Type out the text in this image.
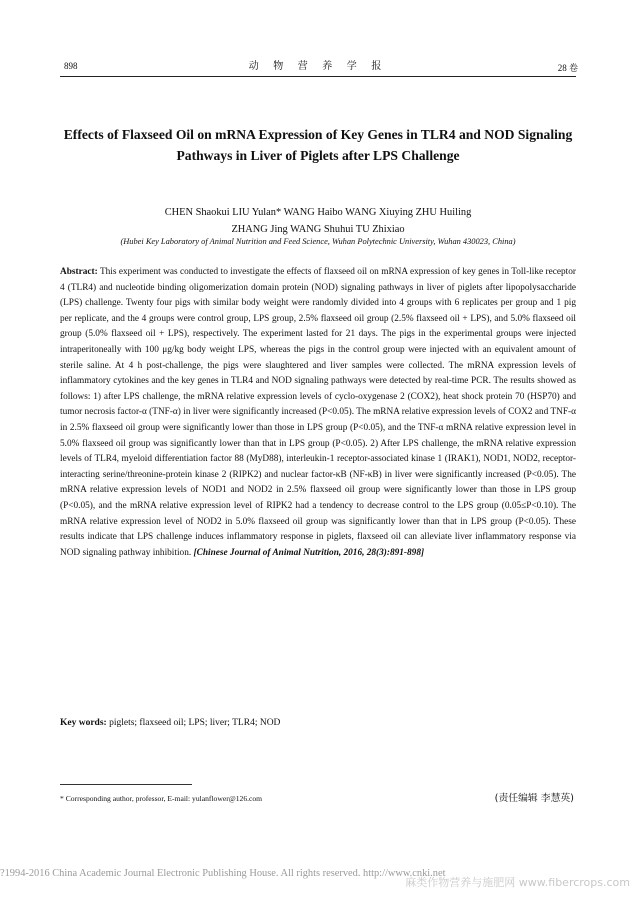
898	动 物 营 养 学 报	28 卷
Effects of Flaxseed Oil on mRNA Expression of Key Genes in TLR4 and NOD Signaling Pathways in Liver of Piglets after LPS Challenge
CHEN Shaokui LIU Yulan* WANG Haibo WANG Xiuying ZHU Huiling
ZHANG Jing WANG Shuhui TU Zhixiao
(Hubei Key Laboratory of Animal Nutrition and Feed Science, Wuhan Polytechnic University, Wuhan 430023, China)
Abstract: This experiment was conducted to investigate the effects of flaxseed oil on mRNA expression of key genes in Toll-like receptor 4 (TLR4) and nucleotide binding oligomerization domain protein (NOD) signaling pathways in liver of piglets after lipopolysaccharide (LPS) challenge. Twenty four pigs with similar body weight were randomly divided into 4 groups with 6 replicates per group and 1 pig per replicate, and the 4 groups were control group, LPS group, 2.5% flaxseed oil group (2.5% flaxseed oil + LPS), and 5.0% flaxseed oil group (5.0% flaxseed oil + LPS), respectively. The experiment lasted for 21 days. The pigs in the experimental groups were injected intraperitoneally with 100 μg/kg body weight LPS, whereas the pigs in the control group were injected with an equivalent amount of sterile saline. At 4 h post-challenge, the pigs were slaughtered and liver samples were collected. The mRNA expression levels of inflammatory cytokines and the key genes in TLR4 and NOD signaling pathways were detected by real-time PCR. The results showed as follows: 1) after LPS challenge, the mRNA relative expression levels of cyclo-oxygenase 2 (COX2), heat shock protein 70 (HSP70) and tumor necrosis factor-α (TNF-α) in liver were significantly increased (P<0.05). The mRNA relative expression levels of COX2 and TNF-α in 2.5% flaxseed oil group were significantly lower than those in LPS group (P<0.05), and the TNF-α mRNA relative expression level in 5.0% flaxseed oil group was significantly lower than that in LPS group (P<0.05). 2) After LPS challenge, the mRNA relative expression levels of TLR4, myeloid differentiation factor 88 (MyD88), interleukin-1 receptor-associated kinase 1 (IRAK1), NOD1, NOD2, receptor-interacting serine/threonine-protein kinase 2 (RIPK2) and nuclear factor-κB (NF-κB) in liver were significantly increased (P<0.05). The mRNA relative expression levels of NOD1 and NOD2 in 2.5% flaxseed oil group were significantly lower than those in LPS group (P<0.05), and the mRNA relative expression level of RIPK2 had a tendency to decrease control to the LPS group (0.05≤P<0.10). The mRNA relative expression level of NOD2 in 5.0% flaxseed oil group was significantly lower than that in LPS group (P<0.05). These results indicate that LPS challenge induces inflammatory response in piglets, flaxseed oil can alleviate liver inflammatory response via NOD signaling pathway inhibition. [Chinese Journal of Animal Nutrition, 2016, 28(3):891-898]
Key words: piglets; flaxseed oil; LPS; liver; TLR4; NOD
* Corresponding author, professor, E-mail: yulanflower@126.com	(责任编辑 李慧英)
?1994-2016 China Academic Journal Electronic Publishing House. All rights reserved. http://www.cnki.net
麻类作物营养与施肥网 www.fibercrops.com
